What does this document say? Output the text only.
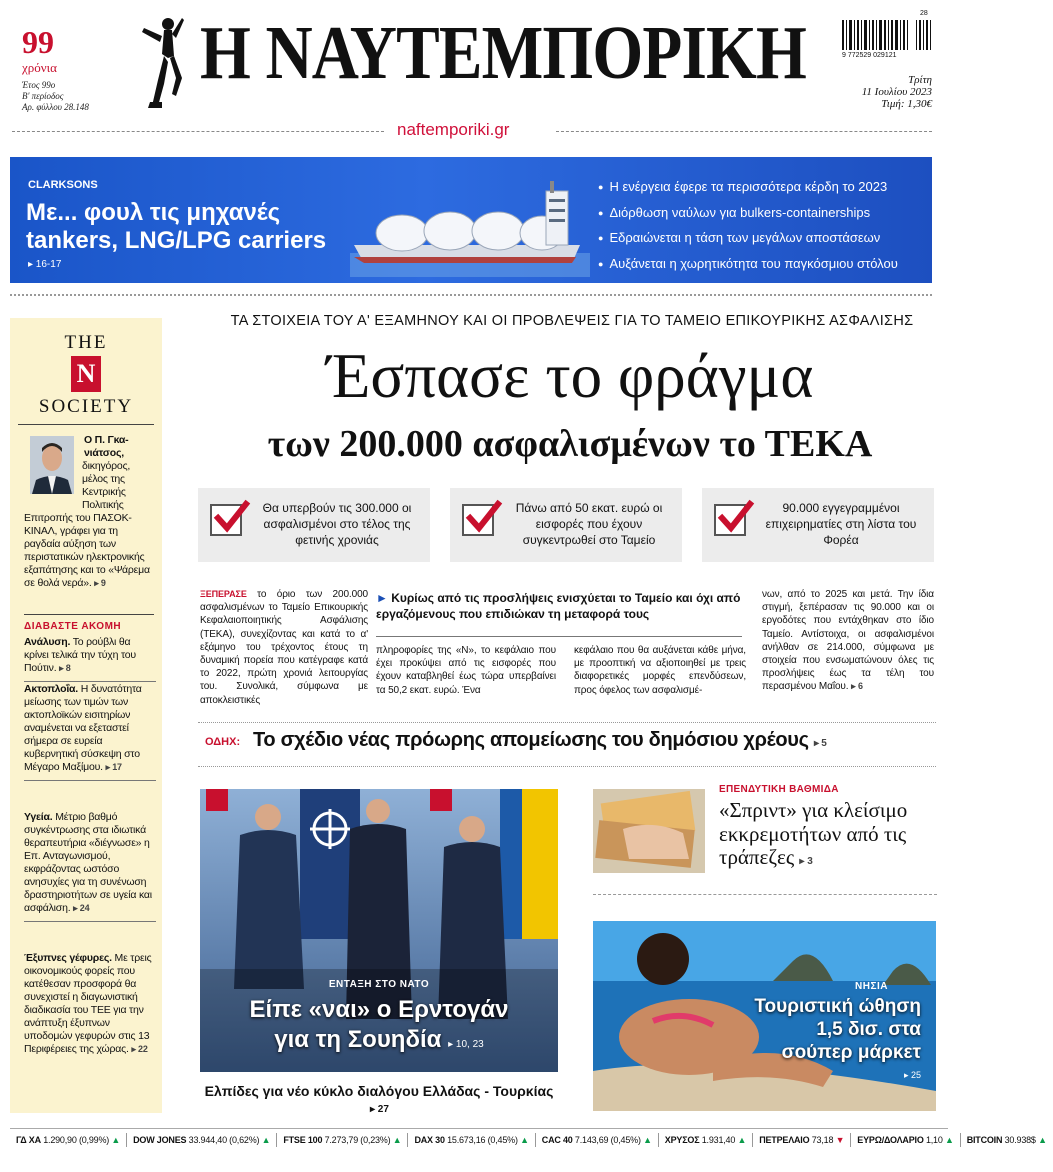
99
χρόνια
Έτος 99ο
Β' περίοδος
Αρ. φύλλου 28.148
Η ΝΑΥΤΕΜΠΟΡΙΚΗ	9 772529 029121
28
Τρίτη
11 Ιουλίου 2023
Τιμή: 1,30€
naftemporiki.gr
CLARKSONS
Με... φουλ τις μηχανές
tankers, LNG/LPG carriers
▸ 16-17
● Η ενέργεια έφερε τα περισσότερα κέρδη το 2023
● Διόρθωση ναύλων για bulkers-containerships
● Εδραιώνεται η τάση των μεγάλων αποστάσεων
● Αυξάνεται η χωρητικότητα του παγκόσμιου στόλου
THE
N
SOCIETY
Ο Π. Γκα-νιάτσος,
δικηγόρος, μέλος της Κεντρικής Πολιτικής Επιτροπής του ΠΑΣΟΚ-ΚΙΝΑΛ, γράφει για τη ραγδαία αύξηση των περιστατικών ηλεκτρονικής εξαπάτησης και το «Ψάρεμα σε θολά νερά». ▸ 9
ΔΙΑΒΑΣΤΕ ΑΚΟΜΗ
Ανάλυση. Το ρούβλι θα κρίνει τελικά την τύχη του Πούτιν. ▸ 8
Ακτοπλοΐα. Η δυνατότητα μείωσης των τιμών των ακτοπλοϊκών εισιτηρίων αναμένεται να εξεταστεί σήμερα σε ευρεία κυβερνητική σύσκεψη στο Μέγαρο Μαξίμου. ▸ 17
Υγεία. Μέτριο βαθμό συγκέντρωσης στα ιδιωτικά θεραπευτήρια «διέγνωσε» η Επ. Ανταγωνισμού, εκφράζοντας ωστόσο ανησυχίες για τη συνένωση δραστηριοτήτων σε υγεία και ασφάλιση. ▸ 24
Έξυπνες γέφυρες. Με τρεις οικονομικούς φορείς που κατέθεσαν προσφορά θα συνεχιστεί η διαγωνιστική διαδικασία του ΤΕΕ για την ανάπτυξη έξυπνων υποδομών γεφυρών στις 13 Περιφέρειες της χώρας. ▸ 22
ΤΑ ΣΤΟΙΧΕΙΑ ΤΟΥ Α' ΕΞΑΜΗΝΟΥ ΚΑΙ ΟΙ ΠΡΟΒΛΕΨΕΙΣ ΓΙΑ ΤΟ ΤΑΜΕΙΟ ΕΠΙΚΟΥΡΙΚΗΣ ΑΣΦΑΛΙΣΗΣ
Έσπασε το φράγμα
των 200.000 ασφαλισμένων το ΤΕΚΑ
Θα υπερβούν τις 300.000 οι ασφαλισμένοι στο τέλος της φετινής χρονιάς
Πάνω από 50 εκατ. ευρώ οι εισφορές που έχουν συγκεντρωθεί στο Ταμείο
90.000 εγγεγραμμένοι επιχειρηματίες στη λίστα του Φορέα
ΞΕΠΕΡΑΣΕ το όριο των 200.000 ασφαλισμένων το Ταμείο Επικουρικής Κεφαλαιοποιητικής Ασφάλισης (ΤΕΚΑ), συνεχίζοντας και κατά το α' εξάμηνο του τρέχοντος έτους τη δυναμική πορεία που κατέγραφε κατά το 2022, πρώτη χρονιά λειτουργίας του. Συνολικά, σύμφωνα με αποκλειστικές
► Κυρίως από τις προσλήψεις ενισχύεται το Ταμείο και όχι από εργαζόμενους που επιδιώκαν τη μεταφορά τους
πληροφορίες της «Ν», το κεφάλαιο που έχει προκύψει από τις εισφορές που έχουν καταβληθεί έως τώρα υπερβαίνει τα 50,2 εκατ. ευρώ. Ένα
κεφάλαιο που θα αυξάνεται κάθε μήνα, με προοπτική να αξιοποιηθεί με τρεις διαφορετικές μορφές επενδύσεων, προς όφελος των ασφαλισμέ-
νων, από το 2025 και μετά. Την ίδια στιγμή, ξεπέρασαν τις 90.000 και οι εργοδότες που εντάχθηκαν στο ίδιο Ταμείο. Αντίστοιχα, οι ασφαλισμένοι ανήλθαν σε 214.000, σύμφωνα με στοιχεία που ενσωματώνουν όλες τις προσλήψεις έως τα τέλη του περασμένου Μαΐου. ▸ 6
ΟΔΗΧ: Το σχέδιο νέας πρόωρης απομείωσης του δημόσιου χρέους ▸ 5
ΕΝΤΑΞΗ ΣΤΟ ΝΑΤΟ
Είπε «ναι» ο Ερντογάν
για τη Σουηδία ▸ 10, 23
Ελπίδες για νέο κύκλο διαλόγου Ελλάδας - Τουρκίας
▸ 27
ΕΠΕΝΔΥΤΙΚΗ ΒΑΘΜΙΔΑ
«Σπριντ» για κλείσιμο εκκρεμοτήτων από τις τράπεζες ▸ 3
ΝΗΣΙΑ
Τουριστική ώθηση
1,5 δισ. στα
σούπερ μάρκετ
▸ 25
ΓΔ ΧΑ 1.290,90 (0,99%) ▲	DOW JONES 33.944,40 (0,62%) ▲	FTSE 100 7.273,79 (0,23%) ▲	DAX 30 15.673,16 (0,45%) ▲	CAC 40 7.143,69 (0,45%) ▲	ΧΡΥΣΟΣ 1.931,40 ▲	ΠΕΤΡΕΛΑΙΟ 73,18 ▼	ΕΥΡΩ/ΔΟΛΑΡΙΟ 1,10 ▲	BITCOIN 30.938$ ▲
